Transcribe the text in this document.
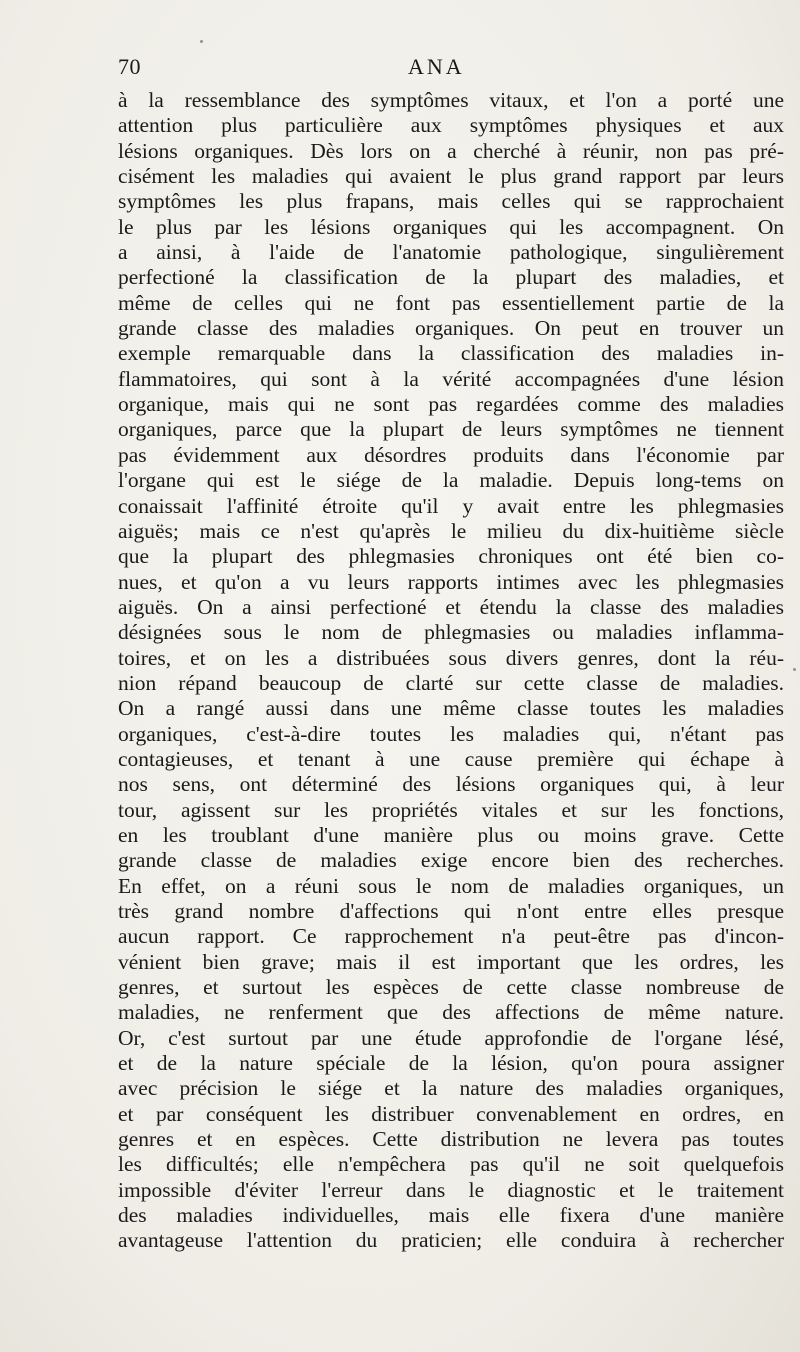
70	ANA
à la ressemblance des symptômes vitaux, et l'on a porté une
attention plus particulière aux symptômes physiques et aux
lésions organiques. Dès lors on a cherché à réunir, non pas pré-
cisément les maladies qui avaient le plus grand rapport par leurs
symptômes les plus frapans, mais celles qui se rapprochaient
le plus par les lésions organiques qui les accompagnent. On
a ainsi, à l'aide de l'anatomie pathologique, singulièrement
perfectioné la classification de la plupart des maladies, et
même de celles qui ne font pas essentiellement partie de la
grande classe des maladies organiques. On peut en trouver un
exemple remarquable dans la classification des maladies in-
flammatoires, qui sont à la vérité accompagnées d'une lésion
organique, mais qui ne sont pas regardées comme des maladies
organiques, parce que la plupart de leurs symptômes ne tiennent
pas évidemment aux désordres produits dans l'économie par
l'organe qui est le siége de la maladie. Depuis long-tems on
conaissait l'affinité étroite qu'il y avait entre les phlegmasies
aiguës; mais ce n'est qu'après le milieu du dix-huitième siècle
que la plupart des phlegmasies chroniques ont été bien co-
nues, et qu'on a vu leurs rapports intimes avec les phlegmasies
aiguës. On a ainsi perfectioné et étendu la classe des maladies
désignées sous le nom de phlegmasies ou maladies inflamma-
toires, et on les a distribuées sous divers genres, dont la réu-
nion répand beaucoup de clarté sur cette classe de maladies.
On a rangé aussi dans une même classe toutes les maladies
organiques, c'est-à-dire toutes les maladies qui, n'étant pas
contagieuses, et tenant à une cause première qui échape à
nos sens, ont déterminé des lésions organiques qui, à leur
tour, agissent sur les propriétés vitales et sur les fonctions,
en les troublant d'une manière plus ou moins grave. Cette
grande classe de maladies exige encore bien des recherches.
En effet, on a réuni sous le nom de maladies organiques, un
très grand nombre d'affections qui n'ont entre elles presque
aucun rapport. Ce rapprochement n'a peut-être pas d'incon-
vénient bien grave; mais il est important que les ordres, les
genres, et surtout les espèces de cette classe nombreuse de
maladies, ne renferment que des affections de même nature.
Or, c'est surtout par une étude approfondie de l'organe lésé,
et de la nature spéciale de la lésion, qu'on poura assigner
avec précision le siége et la nature des maladies organiques,
et par conséquent les distribuer convenablement en ordres, en
genres et en espèces. Cette distribution ne levera pas toutes
les difficultés; elle n'empêchera pas qu'il ne soit quelquefois
impossible d'éviter l'erreur dans le diagnostic et le traitement
des maladies individuelles, mais elle fixera d'une manière
avantageuse l'attention du praticien; elle conduira à rechercher
